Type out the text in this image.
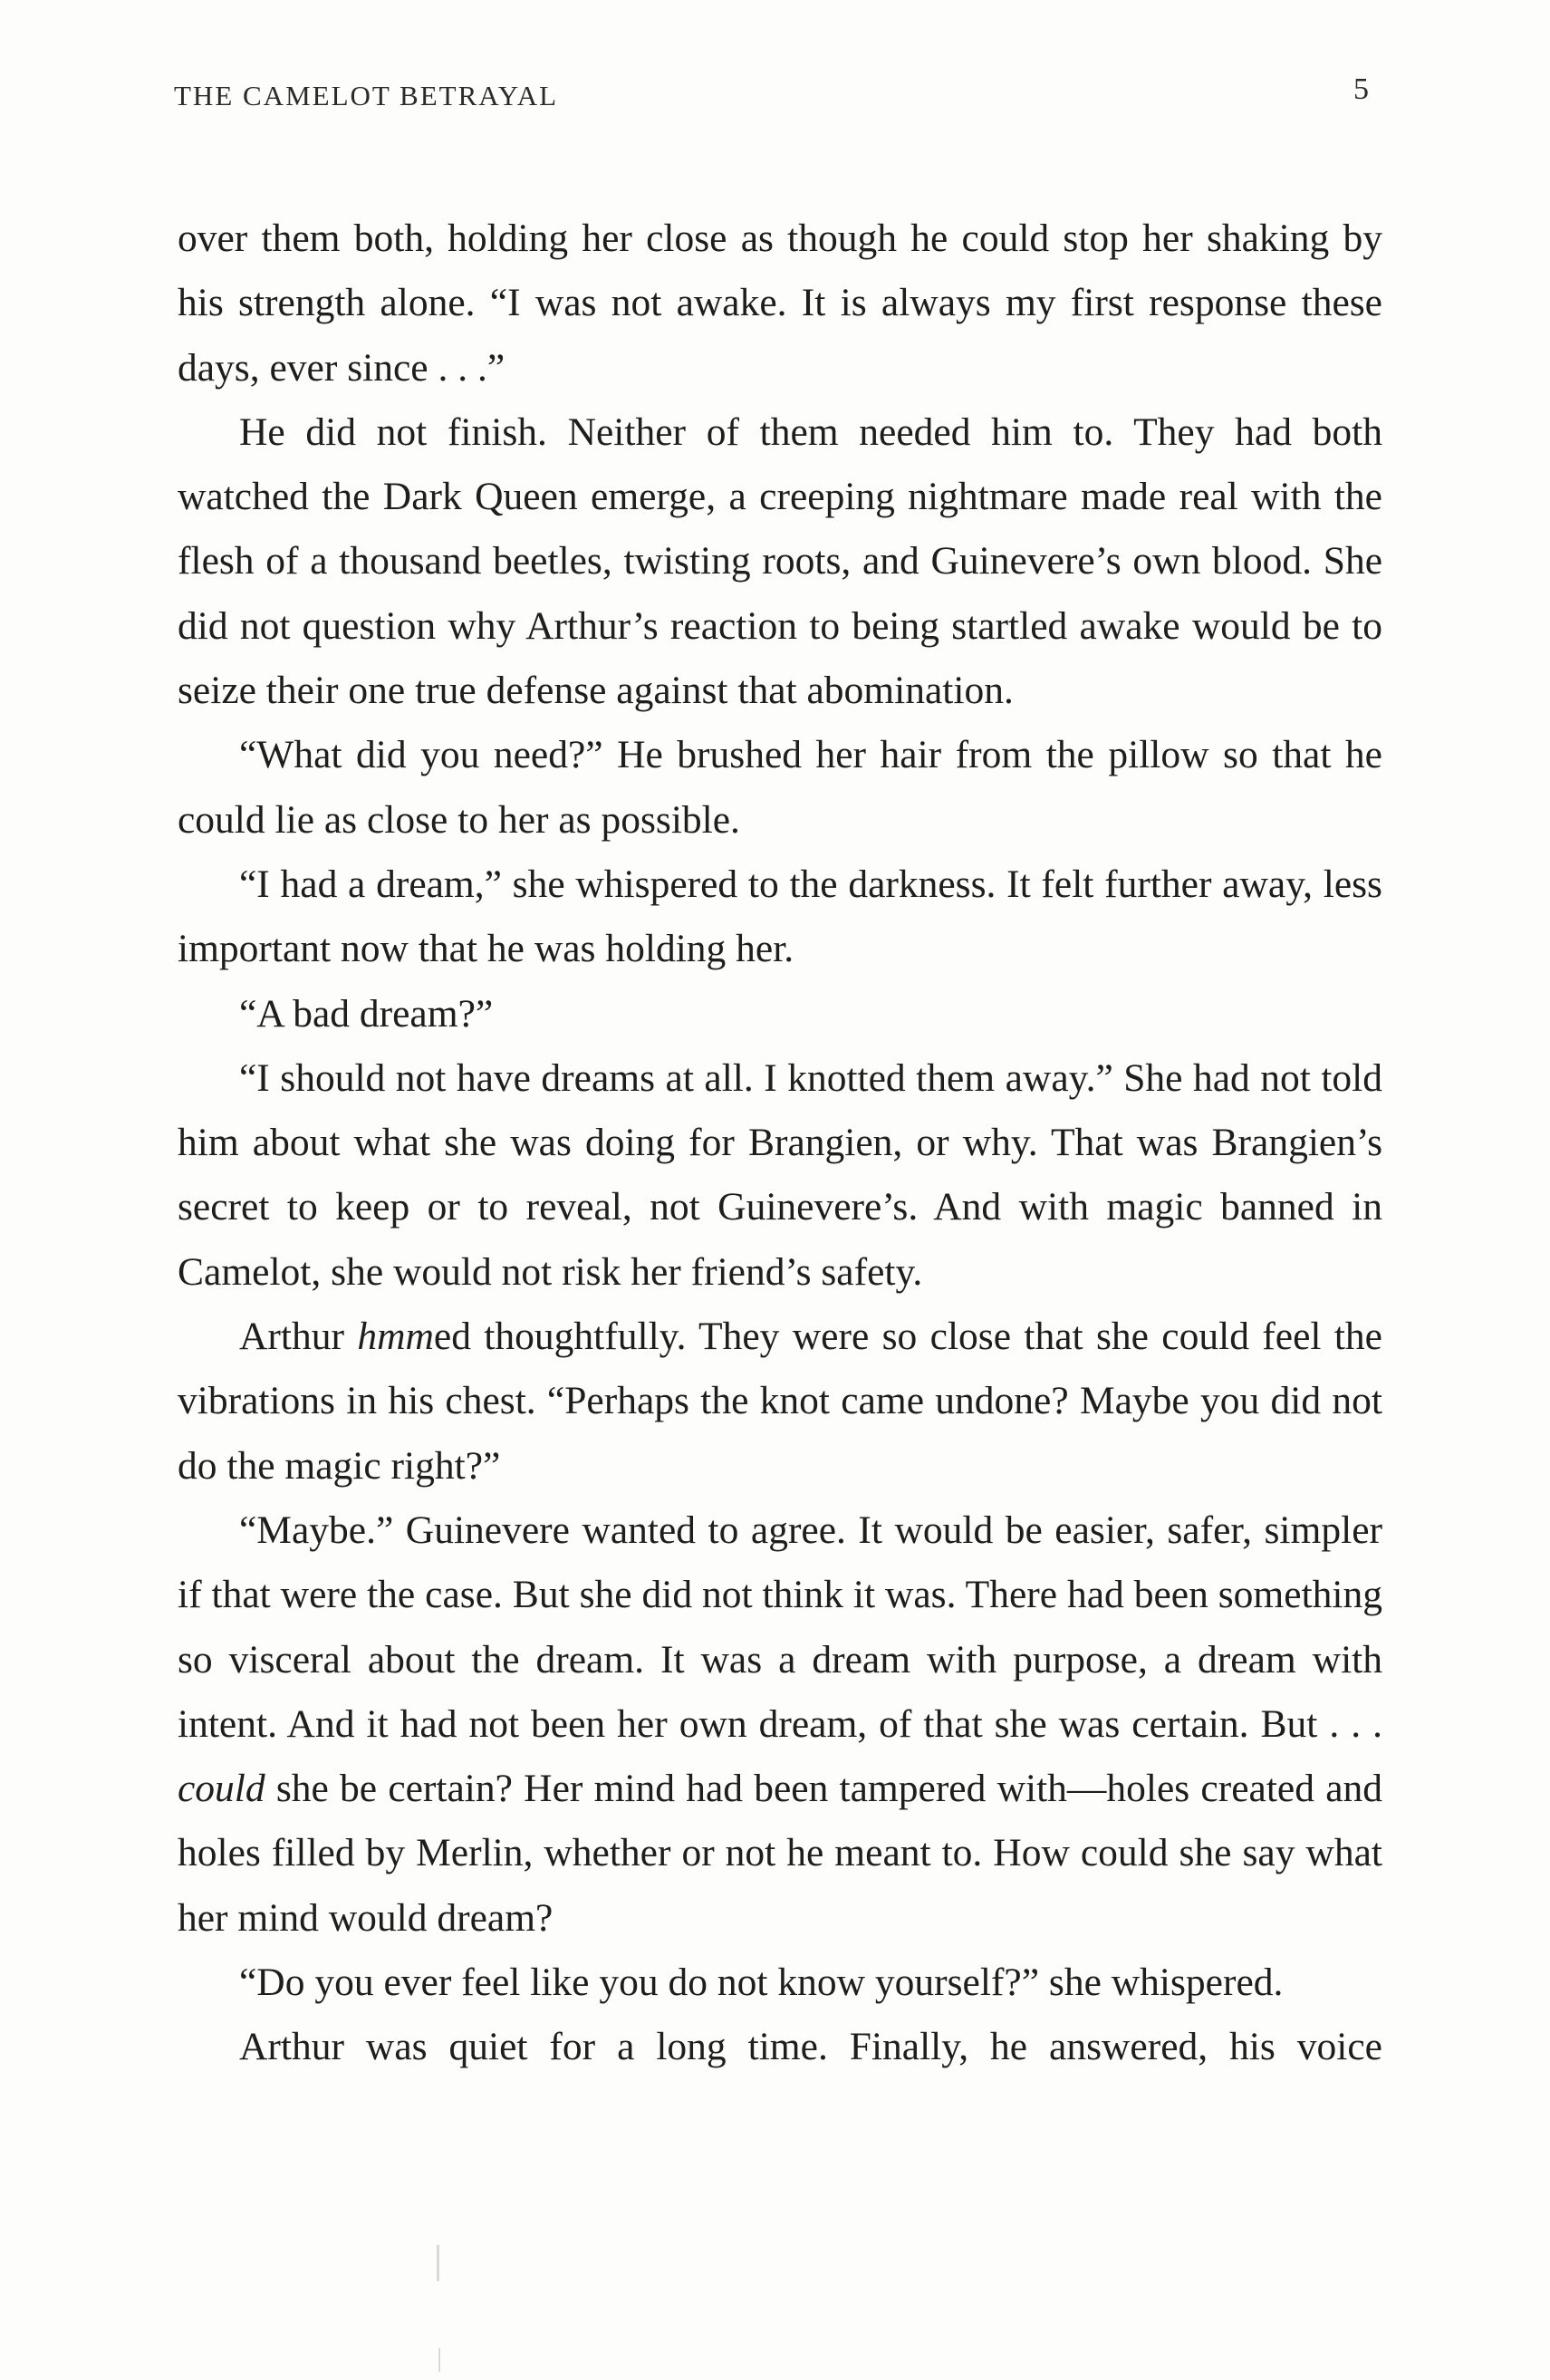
THE CAMELOT BETRAYAL	5

over them both, holding her close as though he could stop her shaking by his strength alone. “I was not awake. It is always my first response these days, ever since . . .”

He did not finish. Neither of them needed him to. They had both watched the Dark Queen emerge, a creeping nightmare made real with the flesh of a thousand beetles, twisting roots, and Guinevere’s own blood. She did not question why Arthur’s reaction to being startled awake would be to seize their one true defense against that abomination.

“What did you need?” He brushed her hair from the pillow so that he could lie as close to her as possible.

“I had a dream,” she whispered to the darkness. It felt further away, less important now that he was holding her.

“A bad dream?”

“I should not have dreams at all. I knotted them away.” She had not told him about what she was doing for Brangien, or why. That was Brangien’s secret to keep or to reveal, not Guinevere’s. And with magic banned in Camelot, she would not risk her friend’s safety.

Arthur hmmed thoughtfully. They were so close that she could feel the vibrations in his chest. “Perhaps the knot came undone? Maybe you did not do the magic right?”

“Maybe.” Guinevere wanted to agree. It would be easier, safer, simpler if that were the case. But she did not think it was. There had been something so visceral about the dream. It was a dream with purpose, a dream with intent. And it had not been her own dream, of that she was certain. But . . . could she be certain? Her mind had been tampered with—holes created and holes filled by Merlin, whether or not he meant to. How could she say what her mind would dream?

“Do you ever feel like you do not know yourself?” she whispered.

Arthur was quiet for a long time. Finally, he answered, his voice
